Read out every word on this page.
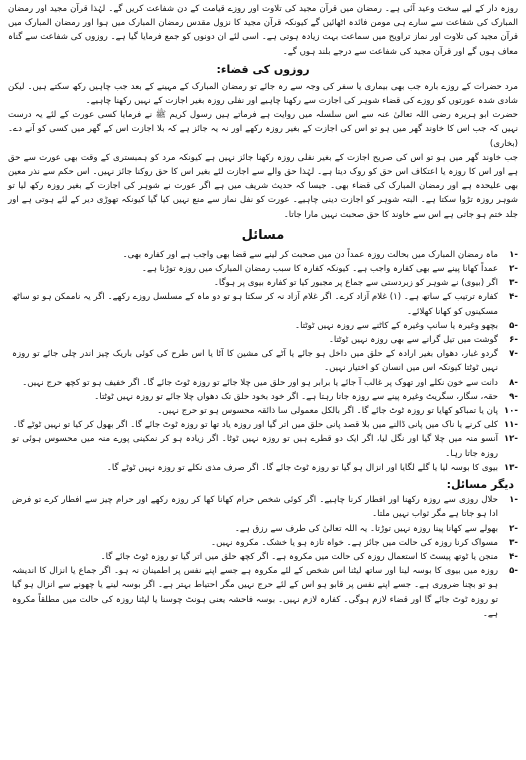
روزہ دار کے لیے سخت وعید آئی ہے۔ رمضان میں قرآن مجید کی تلاوت اور روزے قیامت کے دن شفاعت کریں گے۔ لہٰذا قرآن مجید اور رمضان المبارک کی شفاعت سے سارے ہی مومن فائدہ اٹھائیں گے کیونکہ قرآن مجید کا نزول مقدس رمضان المبارک میں ہوا اور رمضان المبارک میں قرآن مجید کی تلاوت اور نماز تراویح میں سماعت بہت زیادہ ہوتی ہے۔ اسی لئے ان دونوں کو جمع فرمایا گیا ہے۔ روزوں کی شفاعت سے گناہ معاف ہوں گے اور قرآن مجید کی شفاعت سے درجے بلند ہوں گے۔

روزوں کی قضاء:

مرد حضرات کے روزے بارہ جب بھی بیماری یا سفر کی وجہ سے رہ جائے تو رمضان المبارک کے مہینے کے بعد جب چاہیں رکھ سکتے ہیں۔ لیکن شادی شدہ عورتوں کو روزے کی قضاء شوہر کی اجازت سے رکھنا چاہیے اور نفلی روزہ بغیر اجازت کے نہیں رکھنا چاہیے۔

حضرت ابو ہریرہ رضی اللہ تعالیٰ عنہ سے اس سلسلہ میں روایت ہے فرماتے ہیں رسول کریم ﷺ نے فرمایا کسی عورت کے لئے یہ درست نہیں کہ جب اس کا خاوند گھر میں ہو تو اس کی اجازت کے بغیر روزہ رکھے اور نہ یہ جائز ہے کہ بلا اجازت اس کے گھر میں کسی کو آنے دے۔ (بخاری)

جب خاوند گھر میں ہو تو اس کی صریح اجازت کے بغیر نفلی روزہ رکھنا جائز نہیں ہے کیونکہ مرد کو ہمبستری کے وقت بھی عورت سے حق ہے اور اس کا روزہ یا اعتکاف اس حق کو روک دیتا ہے۔ لہٰذا حق والے سے اجازت لئے بغیر اس کا حق روکنا جائز نہیں۔ اس حکم سے نذر معین بھی علیحدہ ہے اور رمضان المبارک کی قضاء بھی۔ جیسا کہ حدیث شریف میں ہے اگر عورت نے شوہر کی اجازت کے بغیر روزہ رکھ لیا تو شوہر روزہ تڑوا سکتا ہے۔ البتہ شوہر کو اجازت دینی چاہیے۔ عورت کو نفل نماز سے منع نہیں کیا گیا کیونکہ تھوڑی دیر کے لئے ہوتی ہے اور جلد ختم ہو جاتی ہے اس سے خاوند کا حق صحبت نہیں مارا جاتا۔

مسائل
-۱
ماہ رمضان المبارک میں بحالت روزہ عمداً دن میں صحبت کر لینے سے قضا بھی واجب ہے اور کفارہ بھی۔
-۲
عمداً کھانا پینے سے بھی کفارہ واجب ہے۔ کیونکہ کفارہ کا سبب رمضان المبارک میں روزہ توڑنا ہے۔
-۳
اگر (بیوی) نے شوہر کو زبردستی سے جماع پر مجبور کیا تو کفارہ بیوی پر ہوگا۔
-۴
کفارہ ترتیب کے ساتھ ہے۔ (۱) غلام آزاد کرے۔ اگر غلام آزاد نہ کر سکتا ہو تو دو ماہ کے مسلسل روزے رکھے۔ اگر یہ ناممکن ہو تو ساٹھ مسکینوں کو کھانا کھلائے۔
-۵
بچھو وغیرہ یا سانپ وغیرہ کے کاٹنے سے روزہ نہیں ٹوٹتا۔
-۶
گوشت میں تیل گرانے سے بھی روزہ نہیں ٹوٹتا۔
-۷
گردو غبار، دھواں بغیر ارادہ کے حلق میں داخل ہو جائے یا آٹے کی مشین کا آٹا یا اس طرح کی کوئی باریک چیز اندر چلی جائے تو روزہ نہیں ٹوٹتا کیونکہ اس میں انسان کو اختیار نہیں۔
-۸
دانت سے خون نکلے اور تھوک پر غالب آ جائے یا برابر ہو اور حلق میں چلا جائے تو روزہ ٹوٹ جائے گا۔ اگر خفیف ہو تو کچھ حرج نہیں۔
-۹
حقہ، سگار، سگریٹ وغیرہ پینے سے روزہ جاتا رہتا ہے۔ اگر خود بخود حلق تک دھواں چلا جائے تو روزہ نہیں ٹوٹتا۔
-۱۰
پان یا تمباکو کھایا تو روزہ ٹوٹ جائے گا۔ اگر بالکل معمولی سا ذائقہ محسوس ہو تو حرج نہیں۔
-۱۱
کلی کرنے یا ناک میں پانی ڈالنے میں بلا قصد پانی حلق میں اتر گیا اور روزہ یاد تھا تو روزہ ٹوٹ جائے گا۔ اگر بھول کر کیا تو نہیں ٹوٹے گا۔
-۱۲
آنسو منہ میں چلا گیا اور نگل لیا، اگر ایک دو قطرے ہیں تو روزہ نہیں ٹوٹا۔ اگر زیادہ ہو کر نمکینی پورے منہ میں محسوس ہوئی تو روزہ جاتا رہا۔
-۱۳
بیوی کا بوسہ لیا یا گلے لگایا اور انزال ہو گیا تو روزہ ٹوٹ جائے گا۔ اگر صرف مذی نکلے تو روزہ نہیں ٹوٹے گا۔
دیگر مسائل:
-۱
حلال روزی سے روزہ رکھنا اور افطار کرنا چاہیے۔ اگر کوئی شخص حرام کھانا کھا کر روزہ رکھے اور حرام چیز سے افطار کرے تو فرض ادا ہو جاتا ہے مگر ثواب نہیں ملتا۔
-۲
بھولے سے کھانا پینا روزہ نہیں توڑتا۔ یہ اللہ تعالیٰ کی طرف سے رزق ہے۔
-۳
مسواک کرنا روزہ کی حالت میں جائز ہے۔ خواہ تازہ ہو یا خشک۔ مکروہ نہیں۔
-۴
منجن یا ٹوتھ پیسٹ کا استعمال روزہ کی حالت میں مکروہ ہے۔ اگر کچھ حلق میں اتر گیا تو روزہ ٹوٹ جائے گا۔
-۵
روزہ میں بیوی کا بوسہ لینا اور ساتھ لیٹنا اس شخص کے لئے مکروہ ہے جسے اپنے نفس پر اطمینان نہ ہو۔ اگر جماع یا انزال کا اندیشہ ہو تو بچنا ضروری ہے۔ جسے اپنے نفس پر قابو ہو اس کے لئے حرج نہیں مگر احتیاط بہتر ہے۔ اگر بوسہ لینے یا چھونے سے انزال ہو گیا تو روزہ ٹوٹ جائے گا اور قضاء لازم ہوگی۔ کفارہ لازم نہیں۔ بوسہ فاحشہ یعنی ہونٹ چوسنا یا لپٹنا روزہ کی حالت میں مطلقاً مکروہ ہے۔
